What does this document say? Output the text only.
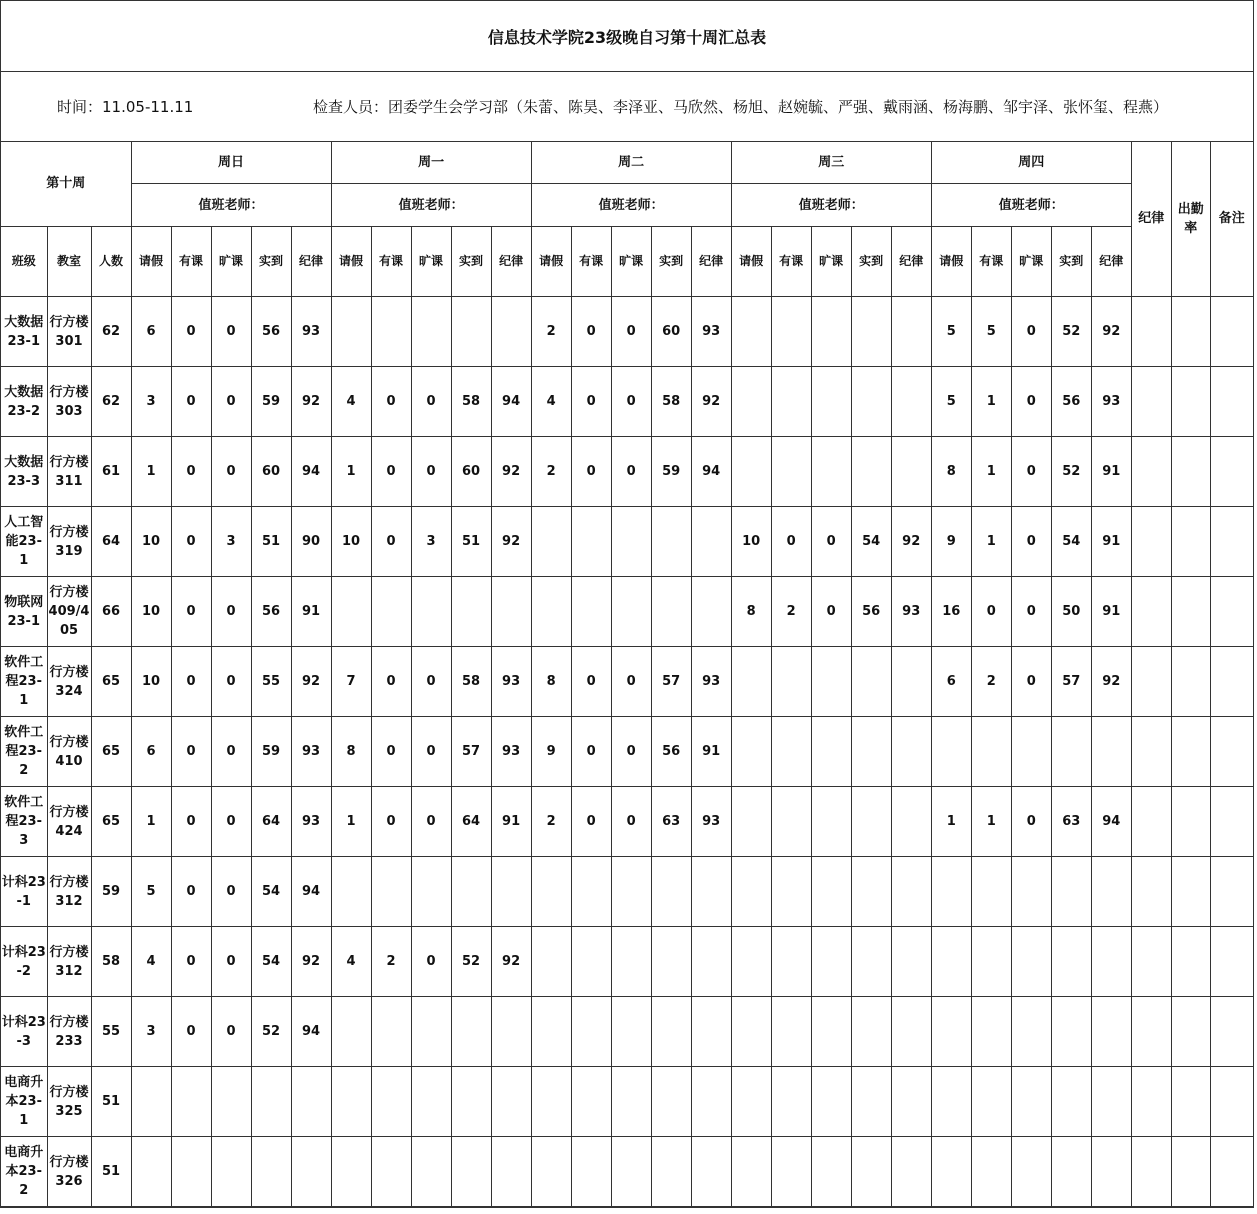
信息技术学院23级晚自习第十周汇总表
时间：11.05-11.11	检查人员：团委学生会学习部（朱蕾、陈昊、李泽亚、马欣然、杨旭、赵婉毓、严强、戴雨涵、杨海鹏、邹宇泽、张怀玺、程燕）
第十周			周日					周一					周二					周三					周四					纪律	出勤率	备注
			值班老师：					值班老师：					值班老师：					值班老师：					值班老师：							
班级	教室	人数	请假	有课	旷课	实到	纪律	请假	有课	旷课	实到	纪律	请假	有课	旷课	实到	纪律	请假	有课	旷课	实到	纪律	请假	有课	旷课	实到	纪律			
大数据23-1	行方楼301	62	6	0	0	56	93						2	0	0	60	93						5	5	0	52	92			
大数据23-2	行方楼303	62	3	0	0	59	92	4	0	0	58	94	4	0	0	58	92						5	1	0	56	93			
大数据23-3	行方楼311	61	1	0	0	60	94	1	0	0	60	92	2	0	0	59	94						8	1	0	52	91			
人工智能23-1	行方楼319	64	10	0	3	51	90	10	0	3	51	92						10	0	0	54	92	9	1	0	54	91			
物联网23-1	行方楼409/405	66	10	0	0	56	91											8	2	0	56	93	16	0	0	50	91			
软件工程23-1	行方楼324	65	10	0	0	55	92	7	0	0	58	93	8	0	0	57	93						6	2	0	57	92			
软件工程23-2	行方楼410	65	6	0	0	59	93	8	0	0	57	93	9	0	0	56	91													
软件工程23-3	行方楼424	65	1	0	0	64	93	1	0	0	64	91	2	0	0	63	93						1	1	0	63	94			
计科23-1	行方楼312	59	5	0	0	54	94																							
计科23-2	行方楼312	58	4	0	0	54	92	4	2	0	52	92																		
计科23-3	行方楼233	55	3	0	0	52	94																							
电商升本23-1	行方楼325	51																												
电商升本23-2	行方楼326	51																												
